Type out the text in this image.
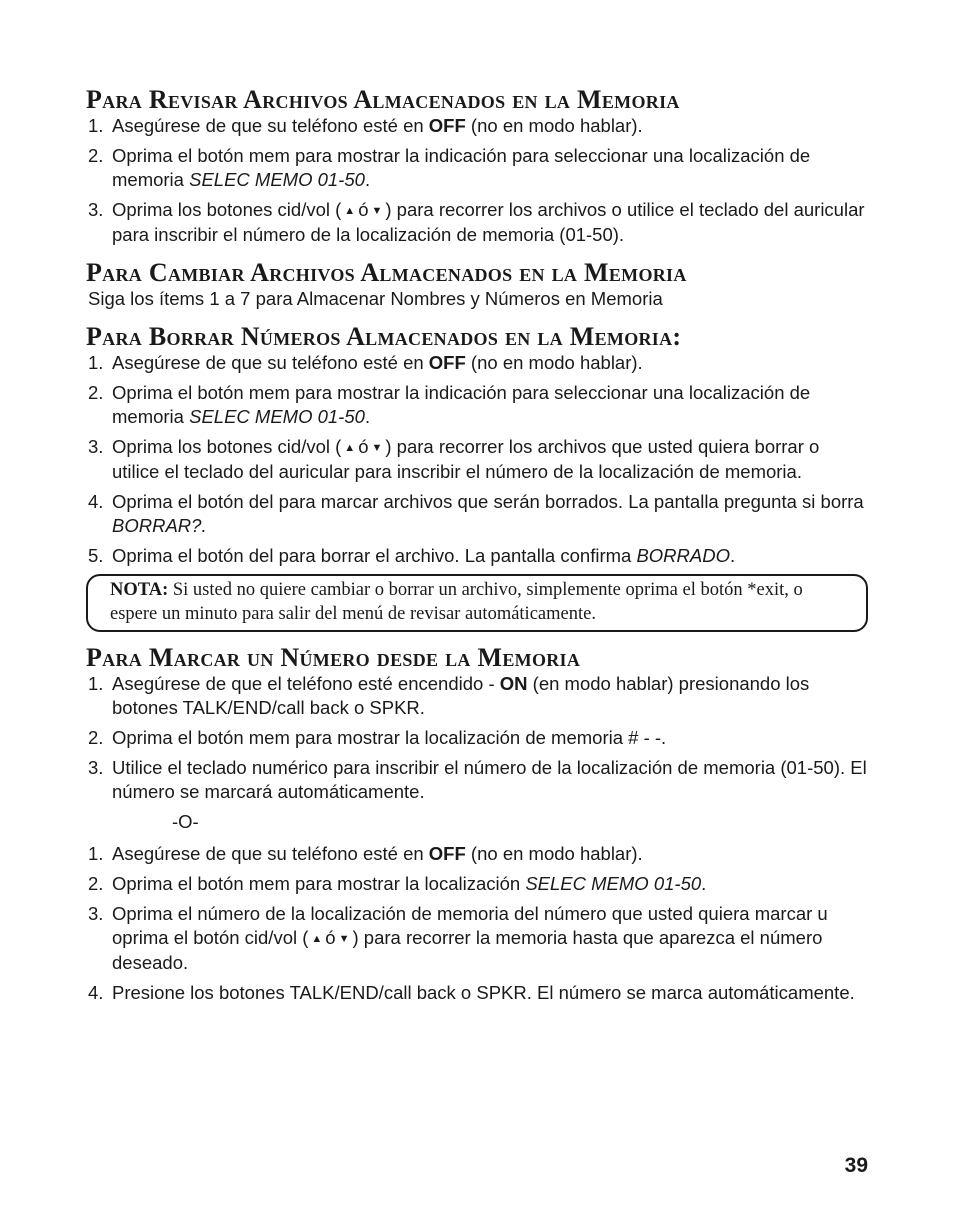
Para Revisar Archivos Almacenados en la Memoria
1. Asegúrese de que su teléfono esté en OFF (no en modo hablar).
2. Oprima el botón mem para mostrar la indicación para seleccionar una localización de memoria SELEC MEMO 01-50.
3. Oprima los botones cid/vol ( ▲ ó ▼ ) para recorrer los archivos o utilice el teclado del auricular para inscribir el número de la localización de memoria (01-50).
Para Cambiar Archivos Almacenados en la Memoria

Siga los ítems 1 a 7 para Almacenar Nombres y Números en Memoria

Para Borrar Números Almacenados en la Memoria:
1. Asegúrese de que su teléfono esté en OFF (no en modo hablar).
2. Oprima el botón mem para mostrar la indicación para seleccionar una localización de memoria SELEC MEMO 01-50.
3. Oprima los botones cid/vol ( ▲ ó ▼ ) para recorrer los archivos que usted quiera borrar o utilice el teclado del auricular para inscribir el número de la localización de memoria.
4. Oprima el botón del para marcar archivos que serán borrados. La pantalla pregunta si borra BORRAR?.
5. Oprima el botón del para borrar el archivo. La pantalla confirma BORRADO.
NOTA: Si usted no quiere cambiar o borrar un archivo, simplemente oprima el botón *exit, o espere un minuto para salir del menú de revisar automáticamente.
Para Marcar un Número desde la Memoria
1. Asegúrese de que el teléfono esté encendido - ON (en modo hablar) presionando los botones TALK/END/call back o SPKR.
2. Oprima el botón mem para mostrar la localización de memoria # - -.
3. Utilice el teclado numérico para inscribir el número de la localización de memoria (01-50). El número se marcará automáticamente.
-O-
1. Asegúrese de que su teléfono esté en OFF (no en modo hablar).
2. Oprima el botón mem para mostrar la localización SELEC MEMO 01-50.
3. Oprima el número de la localización de memoria del número que usted quiera marcar u oprima el botón cid/vol ( ▲ ó ▼ ) para recorrer la memoria hasta que aparezca el número deseado.
4. Presione los botones TALK/END/call back o SPKR. El número se marca automáticamente.
39
